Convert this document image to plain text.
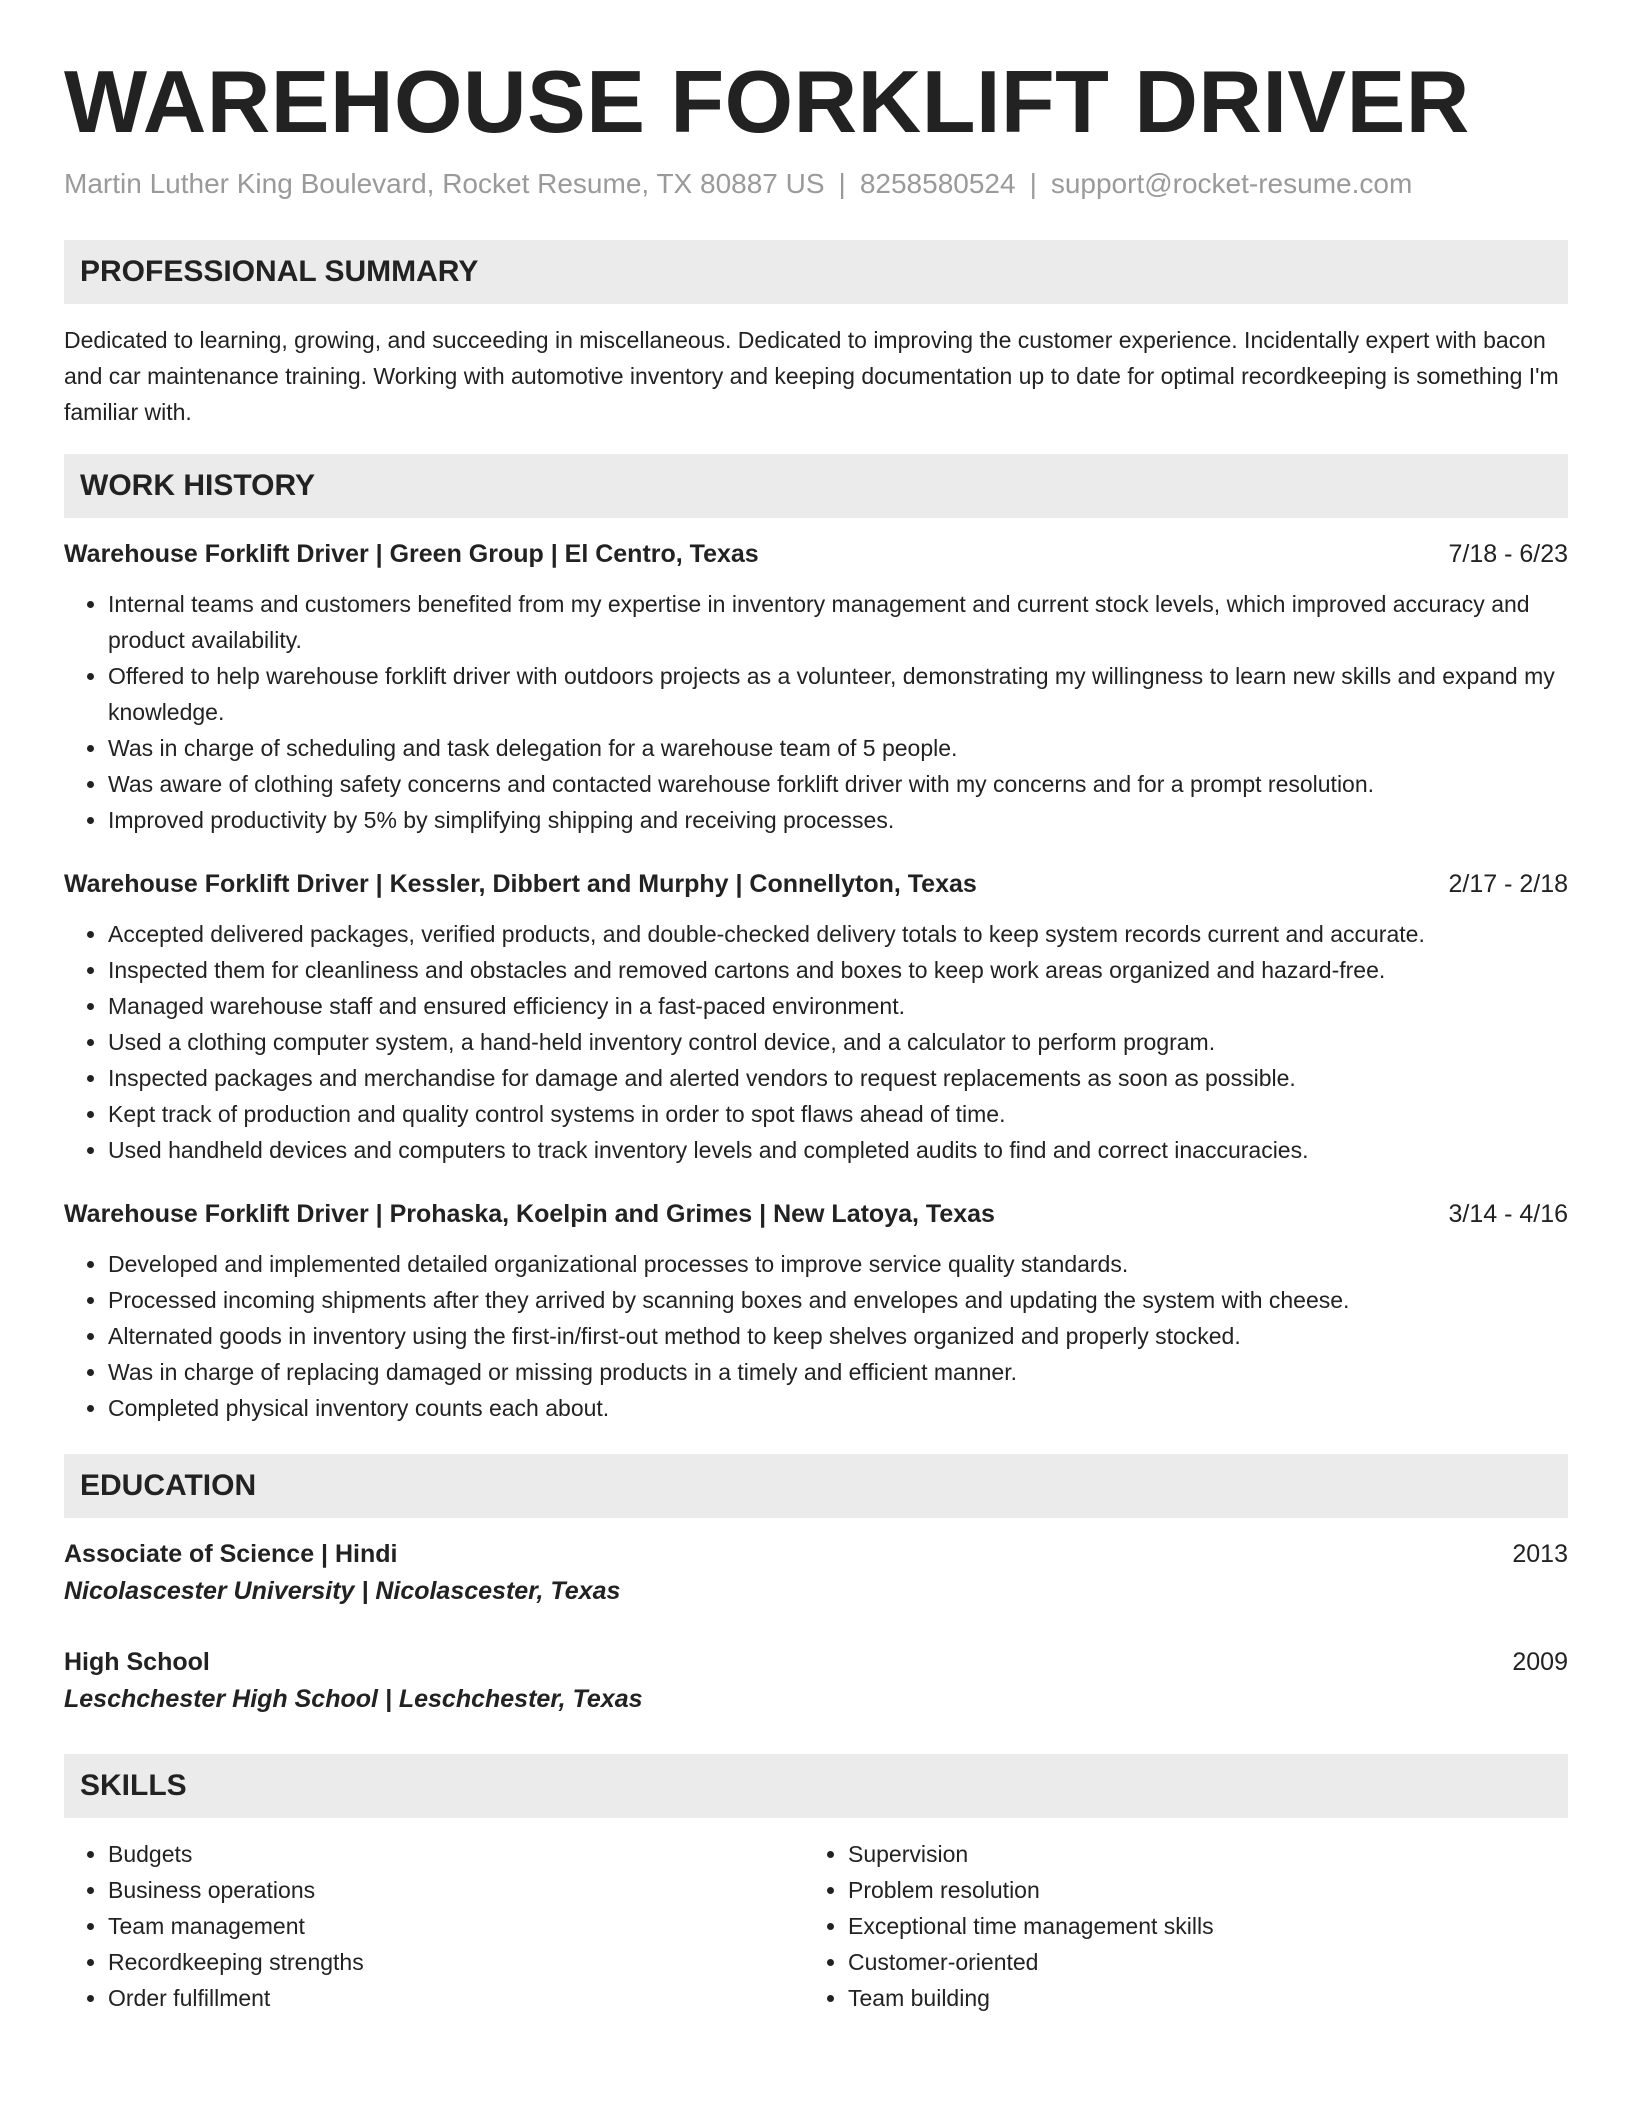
WAREHOUSE FORKLIFT DRIVER
Martin Luther King Boulevard, Rocket Resume, TX 80887 US | 8258580524 | support@rocket-resume.com
PROFESSIONAL SUMMARY

Dedicated to learning, growing, and succeeding in miscellaneous. Dedicated to improving the customer experience. Incidentally expert with bacon and car maintenance training. Working with automotive inventory and keeping documentation up to date for optimal recordkeeping is something I'm familiar with.

WORK HISTORY
Warehouse Forklift Driver | Green Group | El Centro, Texas	7/18 - 6/23
• Internal teams and customers benefited from my expertise in inventory management and current stock levels, which improved accuracy and product availability.
• Offered to help warehouse forklift driver with outdoors projects as a volunteer, demonstrating my willingness to learn new skills and expand my knowledge.
• Was in charge of scheduling and task delegation for a warehouse team of 5 people.
• Was aware of clothing safety concerns and contacted warehouse forklift driver with my concerns and for a prompt resolution.
• Improved productivity by 5% by simplifying shipping and receiving processes.
Warehouse Forklift Driver | Kessler, Dibbert and Murphy | Connellyton, Texas	2/17 - 2/18
• Accepted delivered packages, verified products, and double-checked delivery totals to keep system records current and accurate.
• Inspected them for cleanliness and obstacles and removed cartons and boxes to keep work areas organized and hazard-free.
• Managed warehouse staff and ensured efficiency in a fast-paced environment.
• Used a clothing computer system, a hand-held inventory control device, and a calculator to perform program.
• Inspected packages and merchandise for damage and alerted vendors to request replacements as soon as possible.
• Kept track of production and quality control systems in order to spot flaws ahead of time.
• Used handheld devices and computers to track inventory levels and completed audits to find and correct inaccuracies.
Warehouse Forklift Driver | Prohaska, Koelpin and Grimes | New Latoya, Texas	3/14 - 4/16
• Developed and implemented detailed organizational processes to improve service quality standards.
• Processed incoming shipments after they arrived by scanning boxes and envelopes and updating the system with cheese.
• Alternated goods in inventory using the first-in/first-out method to keep shelves organized and properly stocked.
• Was in charge of replacing damaged or missing products in a timely and efficient manner.
• Completed physical inventory counts each about.
EDUCATION
Associate of Science | Hindi	2013
Nicolascester University | Nicolascester, Texas
High School	2009
Leschchester High School | Leschchester, Texas
SKILLS
• Budgets
• Business operations
• Team management
• Recordkeeping strengths
• Order fulfillment
• Supervision
• Problem resolution
• Exceptional time management skills
• Customer-oriented
• Team building
